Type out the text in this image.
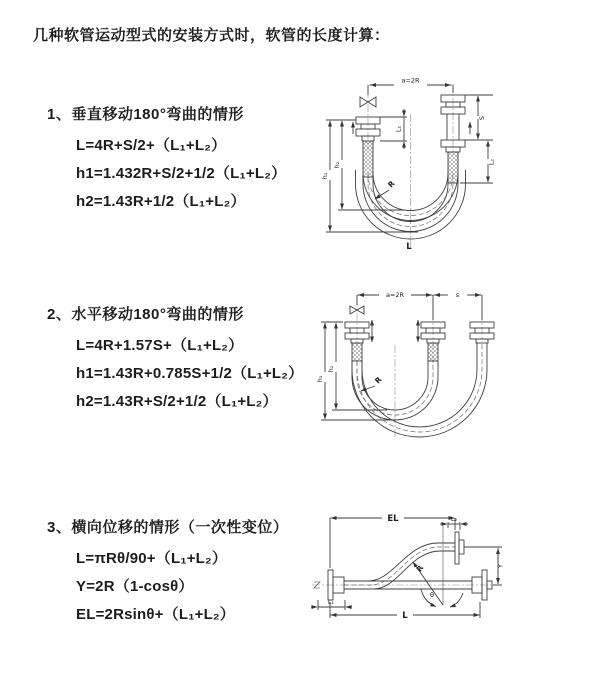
几种软管运动型式的安装方式时，软管的长度计算：
1、垂直移动180°弯曲的情形
L=4R+S/2+（L₁+L₂）
h1=1.432R+S/2+1/2（L₁+L₂）
h2=1.43R+1/2（L₁+L₂）
2、水平移动180°弯曲的情形
L=4R+1.57S+（L₁+L₂）
h1=1.43R+0.785S+1/2（L₁+L₂）
h2=1.43R+S/2+1/2（L₁+L₂）
3、横向位移的情形（一次性变位）
L=πRθ/90+（L₁+L₂）
Y=2R（1-cosθ）
EL=2Rsinθ+（L₁+L₂）
a=2R
L₁
S
L₂
h₁
h₂
R
L
a=2R	s
h₁
h₂
R
EL	L₂
Y
R
θ
L₁
L
